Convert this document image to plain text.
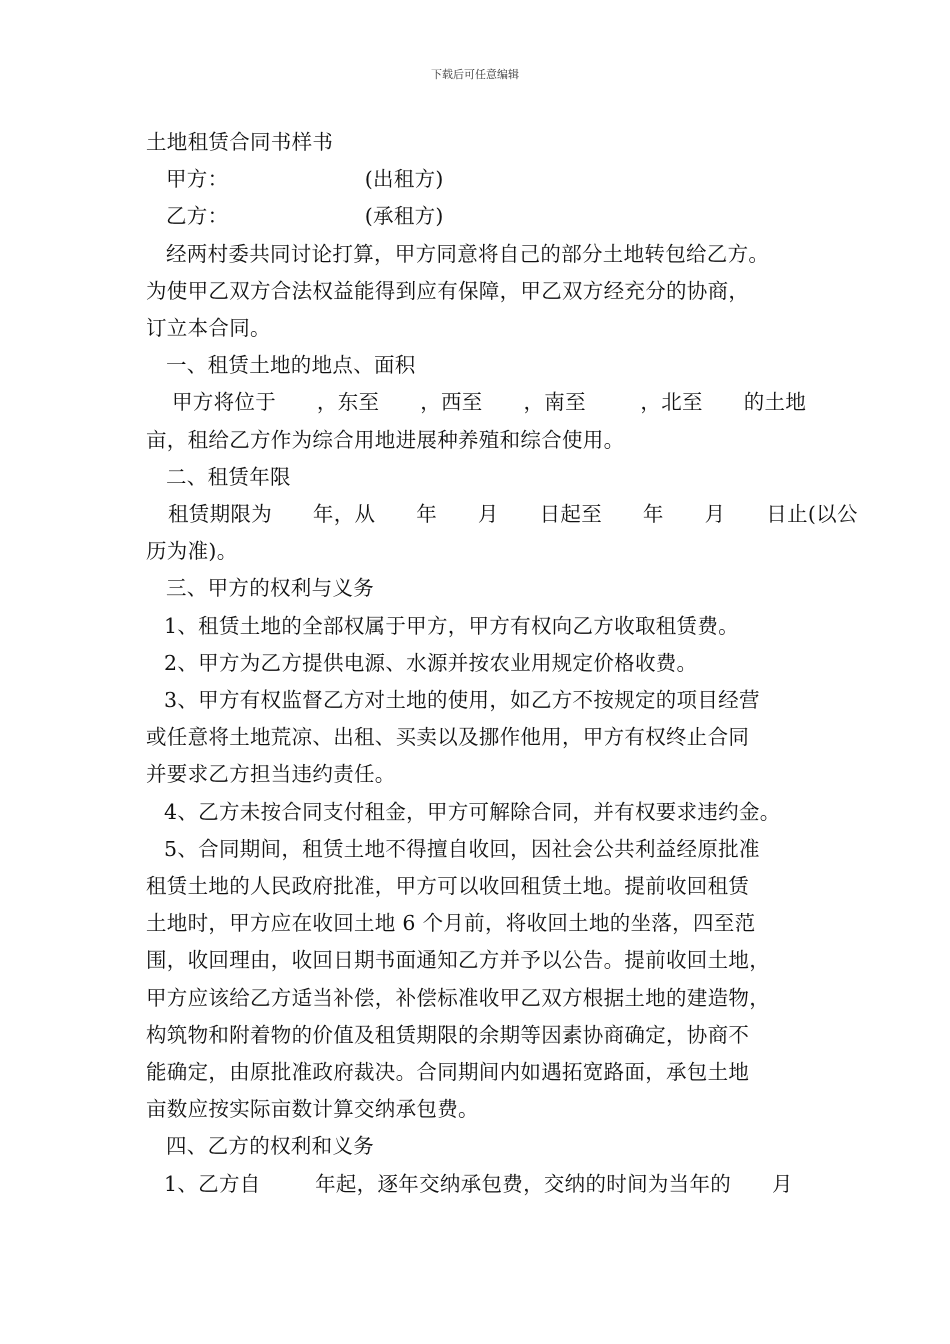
下载后可任意编辑

土地租赁合同书样书

甲方：                    (出租方)

乙方：                    (承租方)

经两村委共同讨论打算，甲方同意将自己的部分土地转包给乙方。

为使甲乙双方合法权益能得到应有保障，甲乙双方经充分的协商，

订立本合同。

一、租赁土地的地点、面积

甲方将位于      ，东至      ，西至      ，南至        ，北至      的土地

亩，租给乙方作为综合用地进展种养殖和综合使用。

二、租赁年限

租赁期限为      年，从      年      月      日起至      年      月      日止(以公

历为准)。

三、甲方的权利与义务

1、租赁土地的全部权属于甲方，甲方有权向乙方收取租赁费。

2、甲方为乙方提供电源、水源并按农业用规定价格收费。

3、甲方有权监督乙方对土地的使用，如乙方不按规定的项目经营

或任意将土地荒凉、出租、买卖以及挪作他用，甲方有权终止合同

并要求乙方担当违约责任。

4、乙方未按合同支付租金，甲方可解除合同，并有权要求违约金。

5、合同期间，租赁土地不得擅自收回，因社会公共利益经原批准

租赁土地的人民政府批准，甲方可以收回租赁土地。提前收回租赁

土地时，甲方应在收回土地 6 个月前，将收回土地的坐落，四至范

围，收回理由，收回日期书面通知乙方并予以公告。提前收回土地，

甲方应该给乙方适当补偿，补偿标准收甲乙双方根据土地的建造物，

构筑物和附着物的价值及租赁期限的余期等因素协商确定，协商不

能确定，由原批准政府裁决。合同期间内如遇拓宽路面，承包土地

亩数应按实际亩数计算交纳承包费。

四、乙方的权利和义务

1、乙方自        年起，逐年交纳承包费，交纳的时间为当年的      月
